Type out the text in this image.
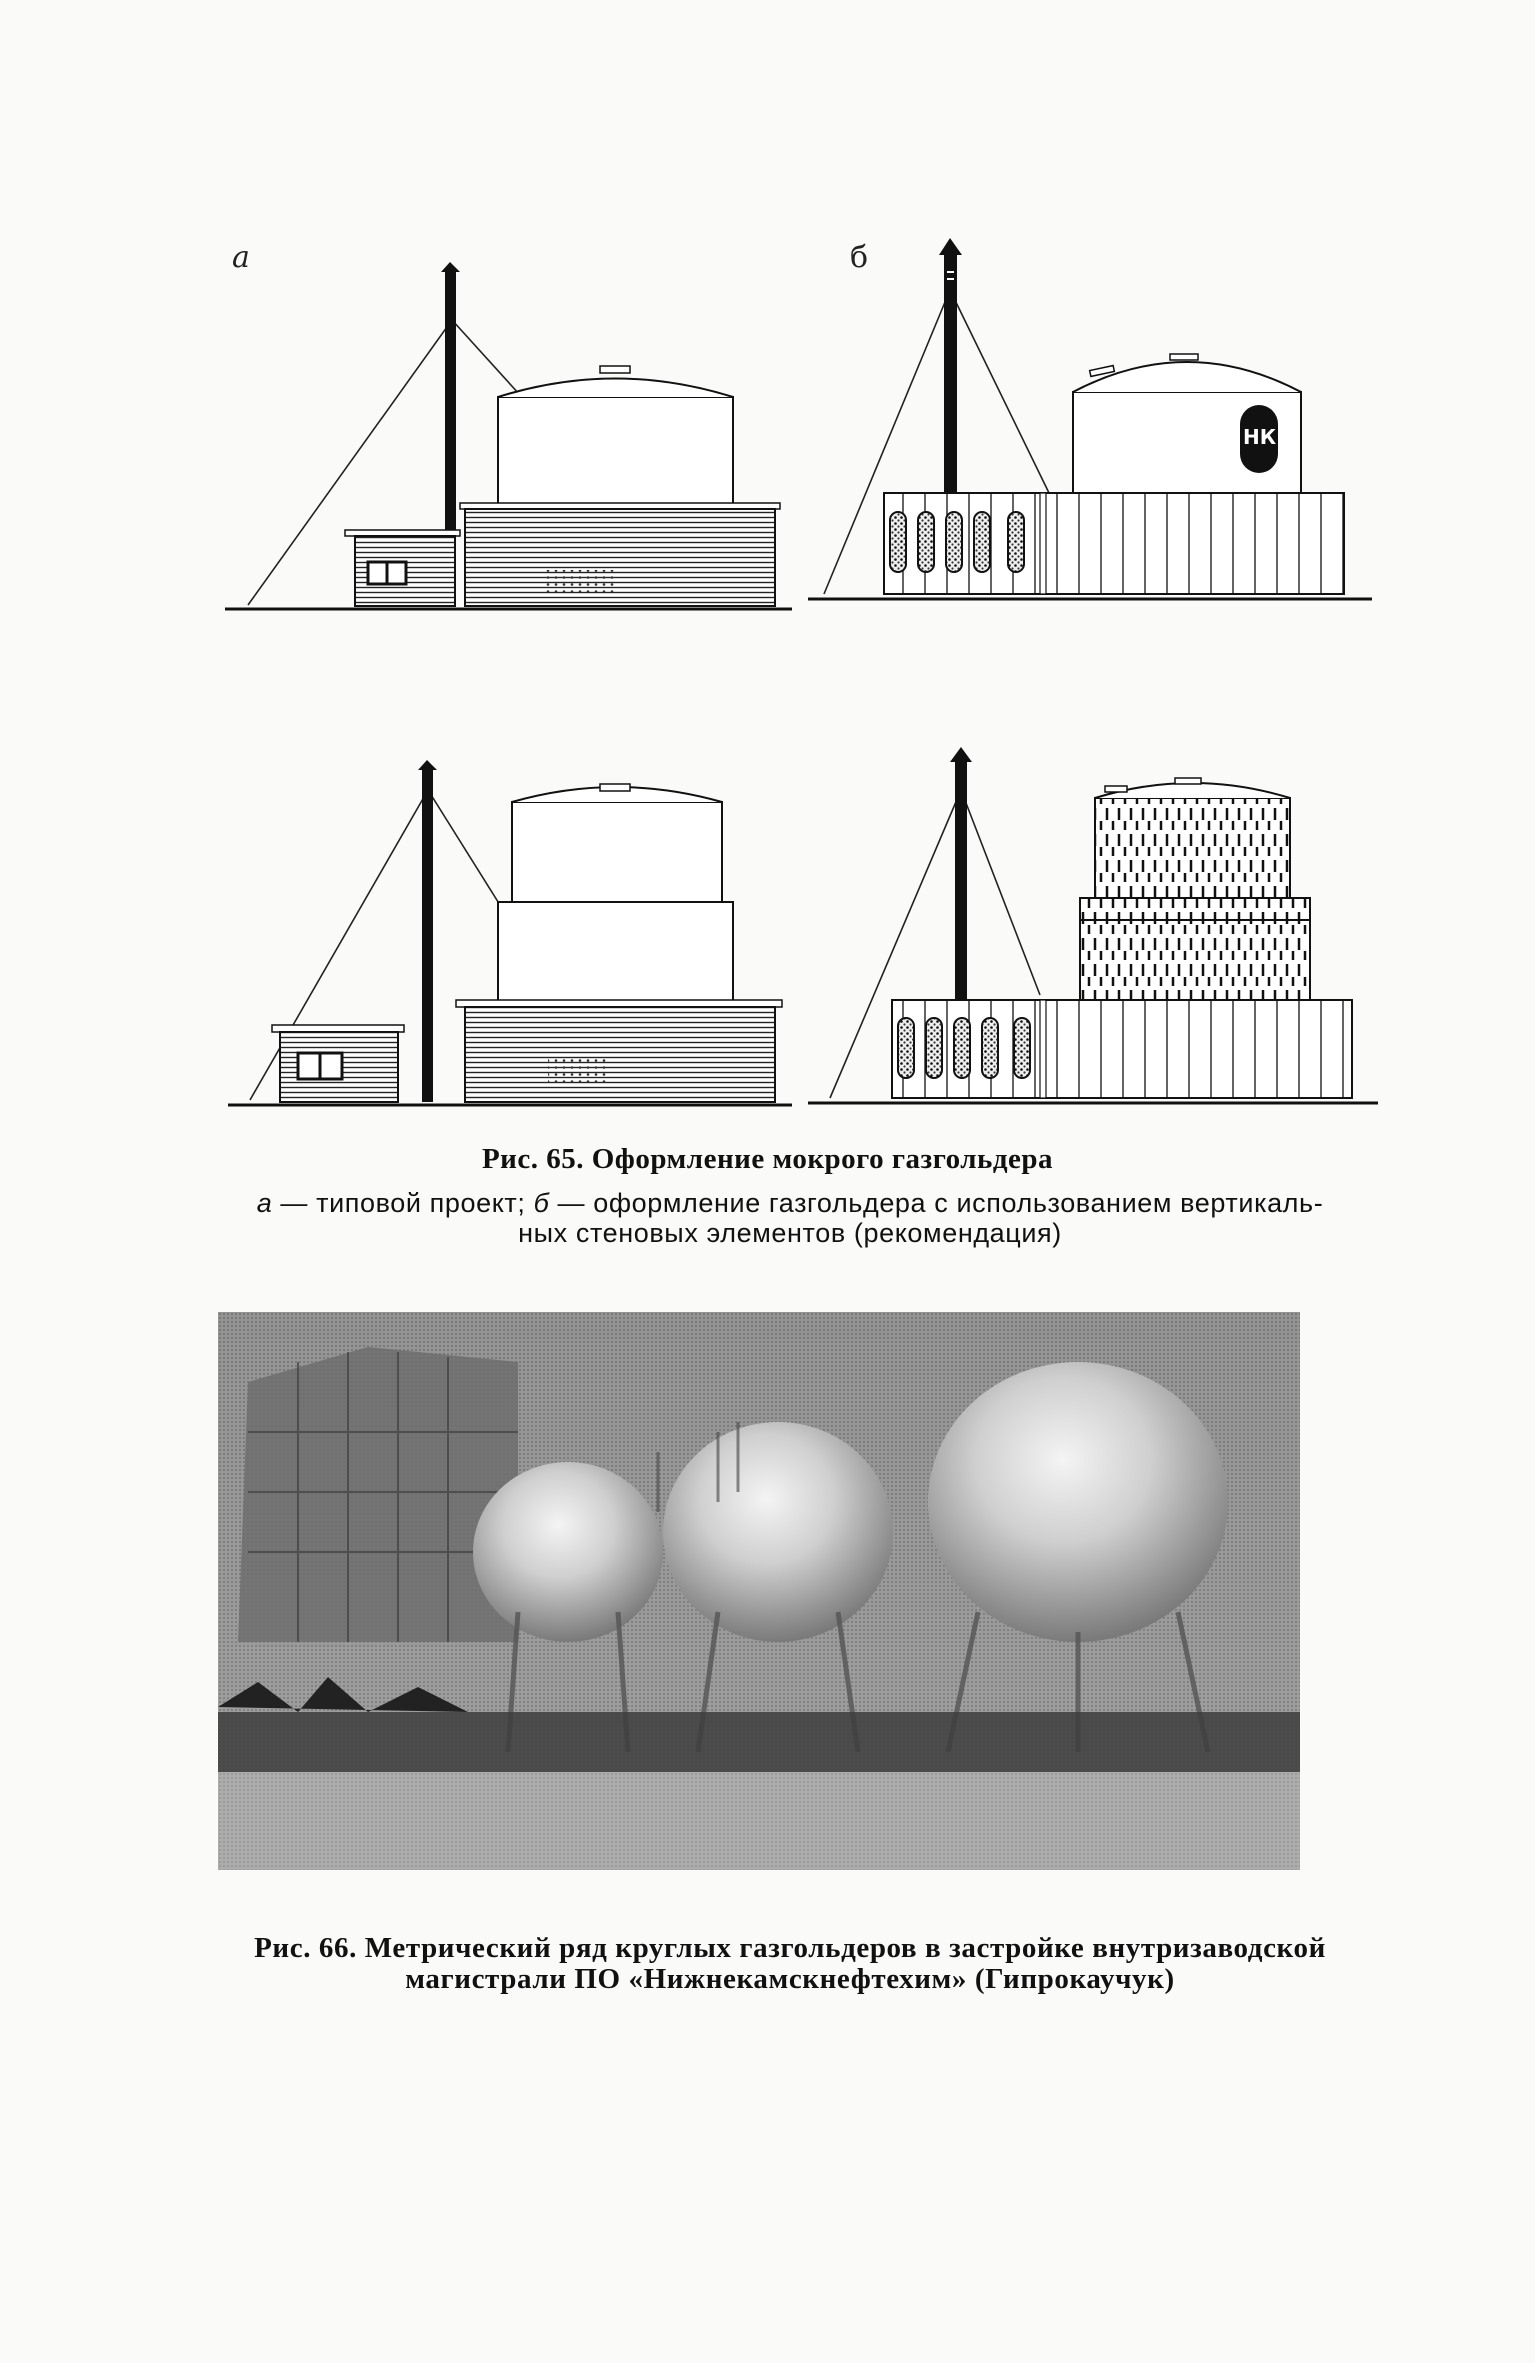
а	б
НК
Рис. 65. Оформление мокрого газгольдера
а — типовой проект; б — оформление газгольдера с использованием вертикаль-
ных стеновых элементов (рекомендация)
Рис. 66. Метрический ряд круглых газгольдеров в застройке внутризаводской
магистрали ПО «Нижнекамскнефтехим» (Гипрокаучук)
